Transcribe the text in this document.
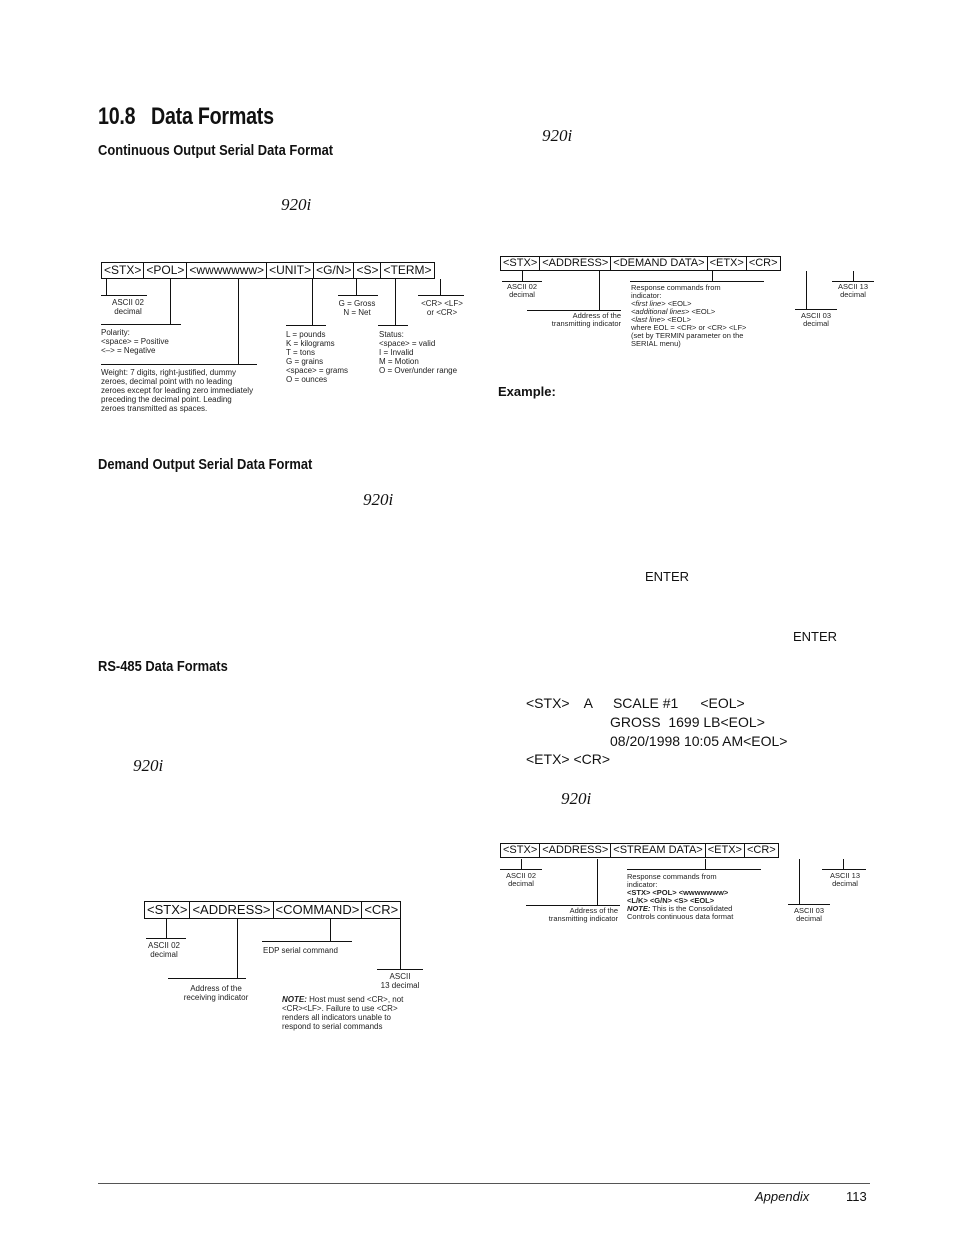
10.8 Data Formats
Continuous Output Serial Data Format
920i
<STX> <POL> <wwwwwww> <UNIT> <G/N> <S> <TERM>
ASCII 02
decimal
Polarity:
<space> = Positive
<–> = Negative
Weight: 7 digits, right-justified, dummy
zeroes, decimal point with no leading
zeroes except for leading zero immediately
preceding the decimal point. Leading
zeroes transmitted as spaces.
L = pounds
K = kilograms
T = tons
G = grains
<space> = grams
O = ounces
G = Gross
N = Net
Status:
<space> = valid
I = Invalid
M = Motion
O = Over/under range
<CR> <LF>
or <CR>
Demand Output Serial Data Format
920i
RS-485 Data Formats
920i
<STX> <ADDRESS> <COMMAND> <CR>
ASCII 02
decimal
Address of the
receiving indicator
EDP serial command
ASCII
13 decimal
NOTE: Host must send <CR>, not
<CR><LF>. Failure to use <CR>
renders all indicators unable to
respond to serial commands
920i
<STX> <ADDRESS> <DEMAND DATA> <ETX> <CR>
ASCII 02
decimal
Address of the
transmitting indicator
Response commands from
indicator:
<first line> <EOL>
<additional lines> <EOL>
<last line> <EOL>
where EOL = <CR> or <CR> <LF>
(set by TERMIN parameter on the
SERIAL menu)
ASCII 03
decimal
ASCII 13
decimal
Example:
ENTER
ENTER
<STX> A SCALE #1 <EOL>
GROSS  1699 LB<EOL>
08/20/1998 10:05 AM<EOL>
<ETX> <CR>
920i
<STX> <ADDRESS> <STREAM DATA> <ETX> <CR>
ASCII 02
decimal
Address of the
transmitting indicator
Response commands from
indicator:
<STX> <POL> <wwwwwww>
<L/K> <G/N> <S> <EOL>
NOTE: This is the Consolidated
Controls continuous data format
ASCII 03
decimal
ASCII 13
decimal
Appendix	113
